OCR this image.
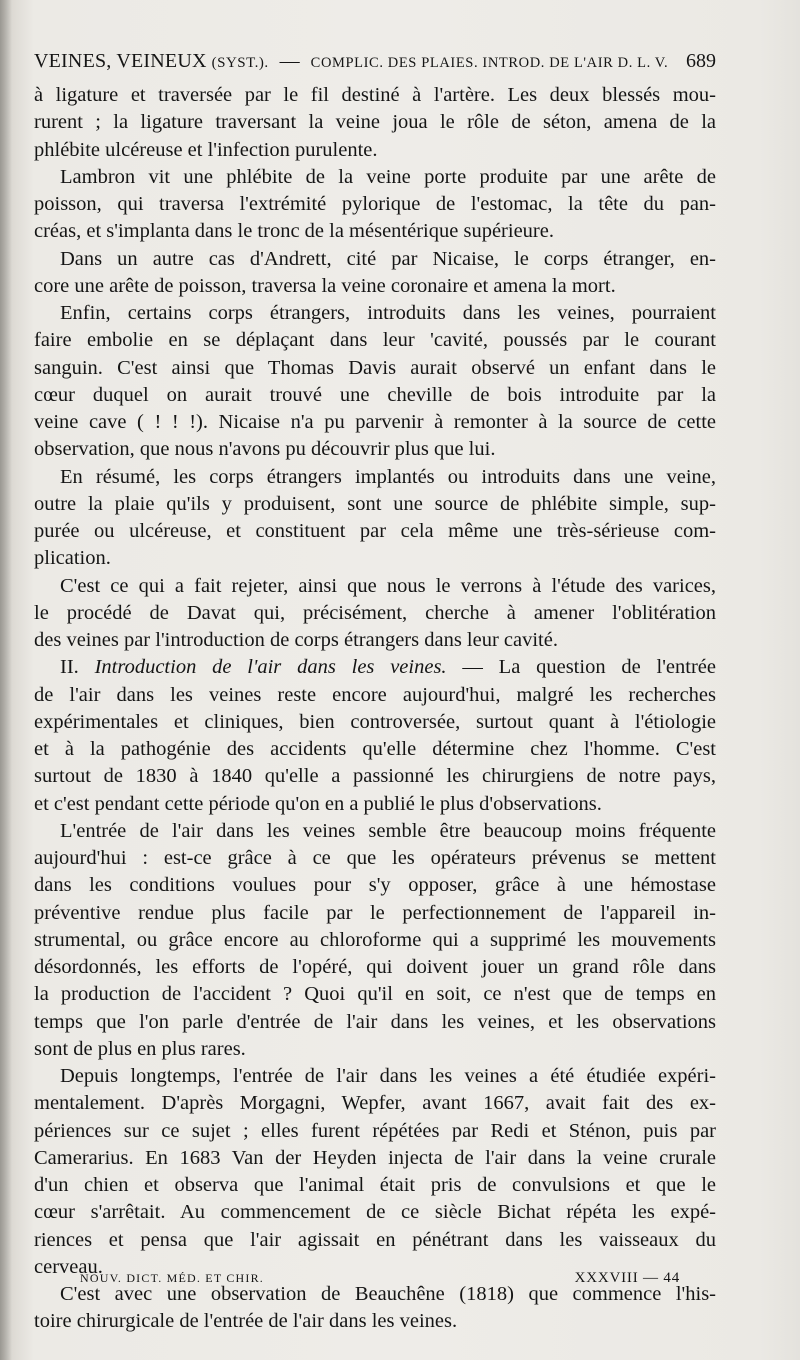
VEINES, VEINEUX (SYST.). — COMPLIC. DES PLAIES. INTROD. DE L'AIR D. L. V. 689
à ligature et traversée par le fil destiné à l'artère. Les deux blessés mou-
rurent ; la ligature traversant la veine joua le rôle de séton, amena de la
phlébite ulcéreuse et l'infection purulente.
Lambron vit une phlébite de la veine porte produite par une arête de
poisson, qui traversa l'extrémité pylorique de l'estomac, la tête du pan-
créas, et s'implanta dans le tronc de la mésentérique supérieure.
Dans un autre cas d'Andrett, cité par Nicaise, le corps étranger, en-
core une arête de poisson, traversa la veine coronaire et amena la mort.
Enfin, certains corps étrangers, introduits dans les veines, pourraient
faire embolie en se déplaçant dans leur 'cavité, poussés par le courant
sanguin. C'est ainsi que Thomas Davis aurait observé un enfant dans le
cœur duquel on aurait trouvé une cheville de bois introduite par la
veine cave ( ! ! !). Nicaise n'a pu parvenir à remonter à la source de cette
observation, que nous n'avons pu découvrir plus que lui.
En résumé, les corps étrangers implantés ou introduits dans une veine,
outre la plaie qu'ils y produisent, sont une source de phlébite simple, sup-
purée ou ulcéreuse, et constituent par cela même une très-sérieuse com-
plication.
C'est ce qui a fait rejeter, ainsi que nous le verrons à l'étude des varices,
le procédé de Davat qui, précisément, cherche à amener l'oblitération
des veines par l'introduction de corps étrangers dans leur cavité.
II. Introduction de l'air dans les veines. — La question de l'entrée
de l'air dans les veines reste encore aujourd'hui, malgré les recherches
expérimentales et cliniques, bien controversée, surtout quant à l'étiologie
et à la pathogénie des accidents qu'elle détermine chez l'homme. C'est
surtout de 1830 à 1840 qu'elle a passionné les chirurgiens de notre pays,
et c'est pendant cette période qu'on en a publié le plus d'observations.
L'entrée de l'air dans les veines semble être beaucoup moins fréquente
aujourd'hui : est-ce grâce à ce que les opérateurs prévenus se mettent
dans les conditions voulues pour s'y opposer, grâce à une hémostase
préventive rendue plus facile par le perfectionnement de l'appareil in-
strumental, ou grâce encore au chloroforme qui a supprimé les mouvements
désordonnés, les efforts de l'opéré, qui doivent jouer un grand rôle dans
la production de l'accident ? Quoi qu'il en soit, ce n'est que de temps en
temps que l'on parle d'entrée de l'air dans les veines, et les observations
sont de plus en plus rares.
Depuis longtemps, l'entrée de l'air dans les veines a été étudiée expéri-
mentalement. D'après Morgagni, Wepfer, avant 1667, avait fait des ex-
périences sur ce sujet ; elles furent répétées par Redi et Sténon, puis par
Camerarius. En 1683 Van der Heyden injecta de l'air dans la veine crurale
d'un chien et observa que l'animal était pris de convulsions et que le
cœur s'arrêtait. Au commencement de ce siècle Bichat répéta les expé-
riences et pensa que l'air agissait en pénétrant dans les vaisseaux du
cerveau.
C'est avec une observation de Beauchêne (1818) que commence l'his-
toire chirurgicale de l'entrée de l'air dans les veines.
NOUV. DICT. MÉD. ET CHIR.	XXXVIII — 44
